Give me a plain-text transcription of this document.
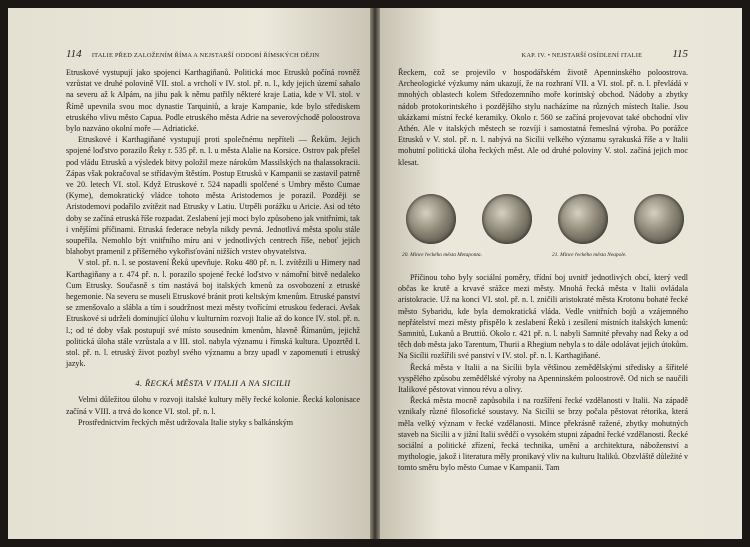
114 ITALIE PŘED ZALOŽENÍM ŘÍMA A NEJSTARŠÍ ODDOBÍ ŘÍMSKÝCH DĚJIN

Etruskové vystupují jako spojenci Karthagiňanů. Politická moc Etrusků počíná rovněž vzrůstat ve druhé polovině VII. stol. a vrcholí v IV. stol. př. n. l., kdy jejich území sahalo na severu až k Alpám, na jihu pak k němu patřily některé kraje Latia, kde v VI. stol. v Římě upevnila svou moc dynastie Tarquiniů, a kraje Kampanie, kde bylo střediskem etruského vlivu město Capua. Podle etruského města Adrie na severovýchodě poloostrova bylo nazváno okolní moře — Adriatické.

Etruskové i Karthagiňané vystupují proti společnému nepříteli — Řekům. Jejich spojené loďstvo porazilo Řeky r. 535 př. n. l. u města Alalie na Korsice. Ostrov pak přešel pod vládu Etrusků a výsledek bitvy položil meze nárokům Massilských na thalassokracii. Zápas však pokračoval se střídavým štěstím. Postup Etrusků v Kampanii se zastavil patrně ve 20. letech VI. stol. Když Etruskové r. 524 napadli spolčené s Umbry město Cumae (Kyme), demokratický vládce tohoto města Aristodemos je porazil. Později se Aristodemovi podařilo zvítězit nad Etrusky v Latiu. Utrpěli porážku u Aricie. Asi od této doby se začíná etruská říše rozpadat. Zeslabení její moci bylo způsobeno jak vnitřními, tak i vnějšími příčinami. Etruská federace nebyla nikdy pevná. Jednotlivá města spolu stále soupeřila. Nemohlo být vnitřního míru ani v jednotlivých centrech říše, neboť jejich blahobyt pramenil z příšerného vykořisťování nižších vrstev obyvatelstva.

V stol. př. n. l. se postavení Řeků upevňuje. Roku 480 př. n. l. zvítězili u Himery nad Karthagiňany a r. 474 př. n. l. porazilo spojené řecké loďstvo v námořní bitvě nedaleko Cum Etrusky. Současně s tím nastává boj italských kmenů za osvobození z etruské hegemonie. Na severu se museli Etruskové bránit proti keltským kmenům. Etruské panství se zmenšovalo a slábla a tím i soudržnost mezi městy tvořícími etruskou federaci. Avšak Etruskové si udrželi dominující úlohu v kulturním rozvoji Italie až do konce IV. stol. př. n. l.; od té doby však postupují své místo sousedním kmenům, hlavně Římanům, jejichž politická úloha stále vzrůstala a v III. stol. nabyla významu i římská kultura. Upozrtěd I. stol. př. n. l. etruský život pozbyl svého významu a brzy upadl v zapomenutí i etruský jazyk.

4. ŘECKÁ MĚSTA V ITALII A NA SICILII

Velmi důležitou úlohu v rozvoji italské kultury měly řecké kolonie. Řecká kolonisace začíná v VIII. a trvá do konce VI. stol. př. n. l.

Prostřednictvím řeckých měst udržovala Italie styky s balkánským

KAP. IV. • NEJSTARŠÍ OSÍDLENÍ ITALIE	115

Řeckem, což se projevilo v hospodářském životě Apenninského poloostrova. Archeologické výzkumy nám ukazují, že na rozhraní VII. a VI. stol. př. n. l. převládá v mnohých oblastech kolem Středozemního moře korintský obchod. Nádoby a zbytky nádob protokorintského i pozdějšího stylu nacházíme na různých místech Italie. Jsou ukázkami místní řecké keramiky. Okolo r. 560 se začíná projevovat také obchodní vliv Athén. Ale v italských městech se rozvíjí i samostatná řemeslná výroba. Po porážce Etrusků v V. stol. př. n. l. nabývá na Sicílii velkého významu syrakuská říše a v Italii mohutní politická úloha řeckých měst. Ale od druhé poloviny V. stol. začíná jejich moc klesat.

20. Mince řeckého města Metaponta.	21. Mince řeckého města Neapole.

Příčinou toho byly sociální poměry, třídní boj uvnitř jednotlivých obcí, který vedl občas ke krutě a krvavé srážce mezi městy. Mnohá řecká města v Italii ovládala aristokracie. Už na konci VI. stol. př. n. l. zničili aristokraté města Krotonu bohaté řecké město Sybaridu, kde byla demokratická vláda. Vedle vnitřních bojů a vzájemného nepřátelství mezi městy přispělo k zeslabení Řeků i zesílení místních italských kmenů: Samnitů, Lukanů a Bruttiů. Okolo r. 421 př. n. l. nabyli Samnité převahy nad Řeky a od těch dob města jako Tarentum, Thurii a Rhegium nebyla s to dále odolávat jejich útokům. Na Sicílii rozšířili své panství v IV. stol. př. n. l. Karthagiňané.

Řecká města v Italii a na Sicílii byla většinou zemědělskými středisky a šířitelé vyspělého způsobu zemědělské výroby na Apenninském poloostrově. Od nich se naučili Italikové pěstovat vinnou révu a olivy.

Řecká města mocně zapůsobila i na rozšíření řecké vzdělanosti v Italii. Na západě vznikaly různé filosofické soustavy. Na Sicílii se brzy počala pěstovat rétorika, která měla velký význam v řecké vzdělanosti. Mince překrásně ražené, zbytky mohutných staveb na Sicílii a v jižní Italii svědčí o vysokém stupni západní řecké vzdělanosti. Řecké sociální a politické zřízení, řecká technika, umění a architektura, náboženství a mythologie, jakož i literatura měly pronikavý vliv na kulturu Italiků. Obzvláště důležité v tomto směru bylo město Cumae v Kampanii. Tam
